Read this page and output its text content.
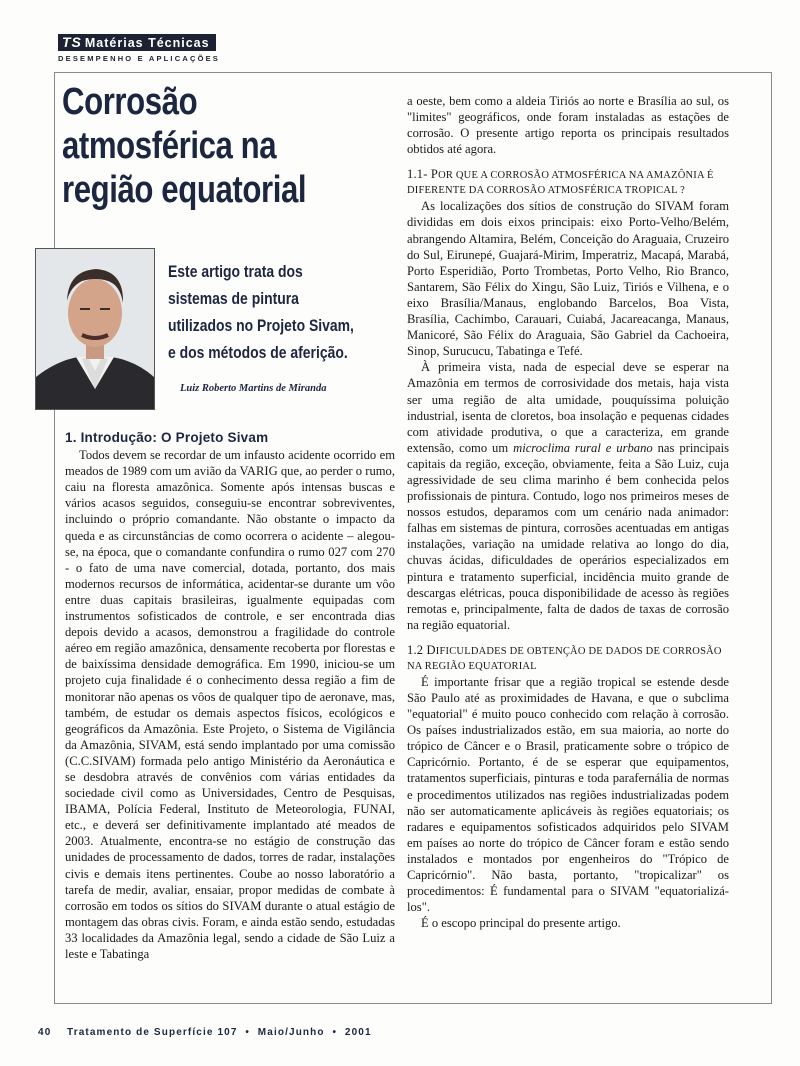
TS Matérias Técnicas
DESEMPENHO E APLICAÇÕES
Corrosão atmosférica na região equatorial
Este artigo trata dos sistemas de pintura utilizados no Projeto Sivam, e dos métodos de aferição.
Luiz Roberto Martins de Miranda
1. Introdução: O Projeto Sivam

Todos devem se recordar de um infausto acidente ocorrido em meados de 1989 com um avião da VARIG que, ao perder o rumo, caiu na floresta amazônica. Somente após intensas buscas e vários acasos seguidos, conseguiu-se encontrar sobreviventes, incluindo o próprio comandante. Não obstante o impacto da queda e as circunstâncias de como ocorrera o acidente – alegou-se, na época, que o comandante confundira o rumo 027 com 270 - o fato de uma nave comercial, dotada, portanto, dos mais modernos recursos de informática, acidentar-se durante um vôo entre duas capitais brasileiras, igualmente equipadas com instrumentos sofisticados de controle, e ser encontrada dias depois devido a acasos, demonstrou a fragilidade do controle aéreo em região amazônica, densamente recoberta por florestas e de baixíssima densidade demográfica. Em 1990, iniciou-se um projeto cuja finalidade é o conhecimento dessa região a fim de monitorar não apenas os vôos de qualquer tipo de aeronave, mas, também, de estudar os demais aspectos físicos, ecológicos e geográficos da Amazônia. Este Projeto, o Sistema de Vigilância da Amazônia, SIVAM, está sendo implantado por uma comissão (C.C.SIVAM) formada pelo antigo Ministério da Aeronáutica e se desdobra através de convênios com várias entidades da sociedade civil como as Universidades, Centro de Pesquisas, IBAMA, Polícia Federal, Instituto de Meteorologia, FUNAI, etc., e deverá ser definitivamente implantado até meados de 2003. Atualmente, encontra-se no estágio de construção das unidades de processamento de dados, torres de radar, instalações civis e demais itens pertinentes. Coube ao nosso laboratório a tarefa de medir, avaliar, ensaiar, propor medidas de combate à corrosão em todos os sítios do SIVAM durante o atual estágio de montagem das obras civis. Foram, e ainda estão sendo, estudadas 33 localidades da Amazônia legal, sendo a cidade de São Luiz a leste e Tabatinga

a oeste, bem como a aldeia Tiriós ao norte e Brasília ao sul, os "limites" geográficos, onde foram instaladas as estações de corrosão. O presente artigo reporta os principais resultados obtidos até agora.

1.1- POR QUE A CORROSÃO ATMOSFÉRICA NA AMAZÔNIA É DIFERENTE DA CORROSÃO ATMOSFÉRICA TROPICAL ?

As localizações dos sítios de construção do SIVAM foram divididas em dois eixos principais: eixo Porto-Velho/Belém, abrangendo Altamira, Belém, Conceição do Araguaia, Cruzeiro do Sul, Eirunepé, Guajará-Mirim, Imperatriz, Macapá, Marabá, Porto Esperidião, Porto Trombetas, Porto Velho, Rio Branco, Santarem, São Félix do Xingu, São Luiz, Tiriós e Vilhena, e o eixo Brasília/Manaus, englobando Barcelos, Boa Vista, Brasília, Cachimbo, Carauari, Cuiabá, Jacareacanga, Manaus, Manicoré, São Félix do Araguaia, São Gabriel da Cachoeira, Sinop, Surucucu, Tabatinga e Tefé.

À primeira vista, nada de especial deve se esperar na Amazônia em termos de corrosividade dos metais, haja vista ser uma região de alta umidade, pouquíssima poluição industrial, isenta de cloretos, boa insolação e pequenas cidades com atividade produtiva, o que a caracteriza, em grande extensão, como um microclima rural e urbano nas principais capitais da região, exceção, obviamente, feita a São Luiz, cuja agressividade de seu clima marinho é bem conhecida pelos profissionais de pintura. Contudo, logo nos primeiros meses de nossos estudos, deparamos com um cenário nada animador: falhas em sistemas de pintura, corrosões acentuadas em antigas instalações, variação na umidade relativa ao longo do dia, chuvas ácidas, dificuldades de operários especializados em pintura e tratamento superficial, incidência muito grande de descargas elétricas, pouca disponibilidade de acesso às regiões remotas e, principalmente, falta de dados de taxas de corrosão na região equatorial.

1.2 DIFICULDADES DE OBTENÇÃO DE DADOS DE CORROSÃO NA REGIÃO EQUATORIAL

É importante frisar que a região tropical se estende desde São Paulo até as proximidades de Havana, e que o subclima "equatorial" é muito pouco conhecido com relação à corrosão. Os países industrializados estão, em sua maioria, ao norte do trópico de Câncer e o Brasil, praticamente sobre o trópico de Capricórnio. Portanto, é de se esperar que equipamentos, tratamentos superficiais, pinturas e toda parafernália de normas e procedimentos utilizados nas regiões industrializadas podem não ser automaticamente aplicáveis às regiões equatoriais; os radares e equipamentos sofisticados adquiridos pelo SIVAM em países ao norte do trópico de Câncer foram e estão sendo instalados e montados por engenheiros do "Trópico de Capricórnio". Não basta, portanto, "tropicalizar" os procedimentos: É fundamental para o SIVAM "equatorializá-los".

É o escopo principal do presente artigo.

40    Tratamento de Superfície 107  •  Maio/Junho  •  2001
